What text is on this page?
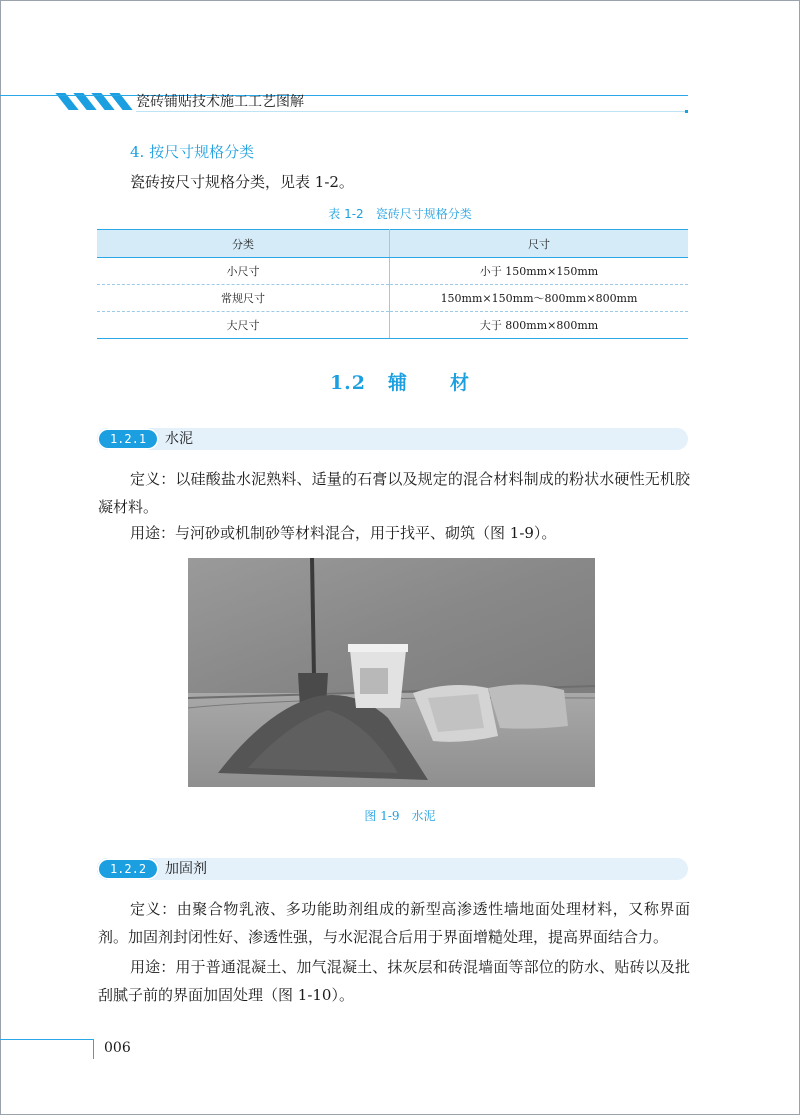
瓷砖铺贴技术施工工艺图解
4. 按尺寸规格分类
瓷砖按尺寸规格分类，见表 1-2。
表 1-2　瓷砖尺寸规格分类
分类	尺寸
小尺寸	小于 150mm×150mm
常规尺寸	150mm×150mm～800mm×800mm
大尺寸	大于 800mm×800mm
1.2 辅 材
1.2.1	水泥
定义：以硅酸盐水泥熟料、适量的石膏以及规定的混合材料制成的粉状水硬性无机胶凝材料。
用途：与河砂或机制砂等材料混合，用于找平、砌筑（图 1-9）。
图 1-9　水泥
1.2.2	加固剂
定义：由聚合物乳液、多功能助剂组成的新型高渗透性墙地面处理材料，又称界面剂。加固剂封闭性好、渗透性强，与水泥混合后用于界面增糙处理，提高界面结合力。
用途：用于普通混凝土、加气混凝土、抹灰层和砖混墙面等部位的防水、贴砖以及批刮腻子前的界面加固处理（图 1-10）。
006
